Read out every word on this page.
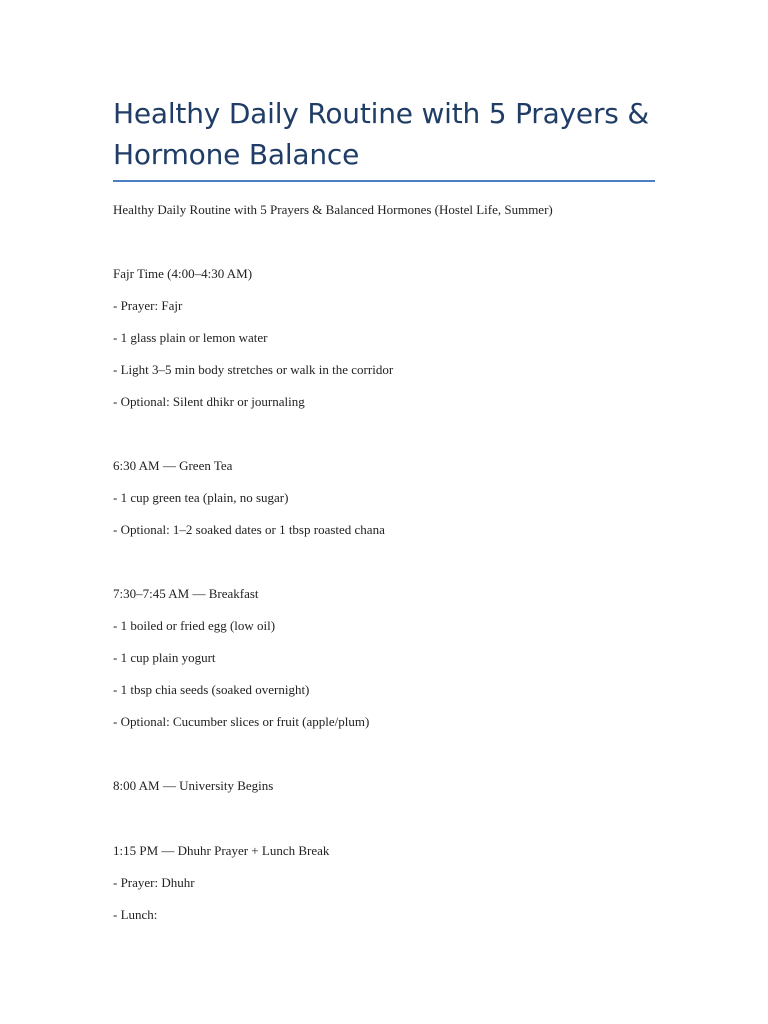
Healthy Daily Routine with 5 Prayers & Hormone Balance

Healthy Daily Routine with 5 Prayers & Balanced Hormones (Hostel Life, Summer)

Fajr Time (4:00–4:30 AM)

- Prayer: Fajr

- 1 glass plain or lemon water

- Light 3–5 min body stretches or walk in the corridor

- Optional: Silent dhikr or journaling

6:30 AM — Green Tea

- 1 cup green tea (plain, no sugar)

- Optional: 1–2 soaked dates or 1 tbsp roasted chana

7:30–7:45 AM — Breakfast

- 1 boiled or fried egg (low oil)

- 1 cup plain yogurt

- 1 tbsp chia seeds (soaked overnight)

- Optional: Cucumber slices or fruit (apple/plum)

8:00 AM — University Begins

1:15 PM — Dhuhr Prayer + Lunch Break

- Prayer: Dhuhr

- Lunch:
